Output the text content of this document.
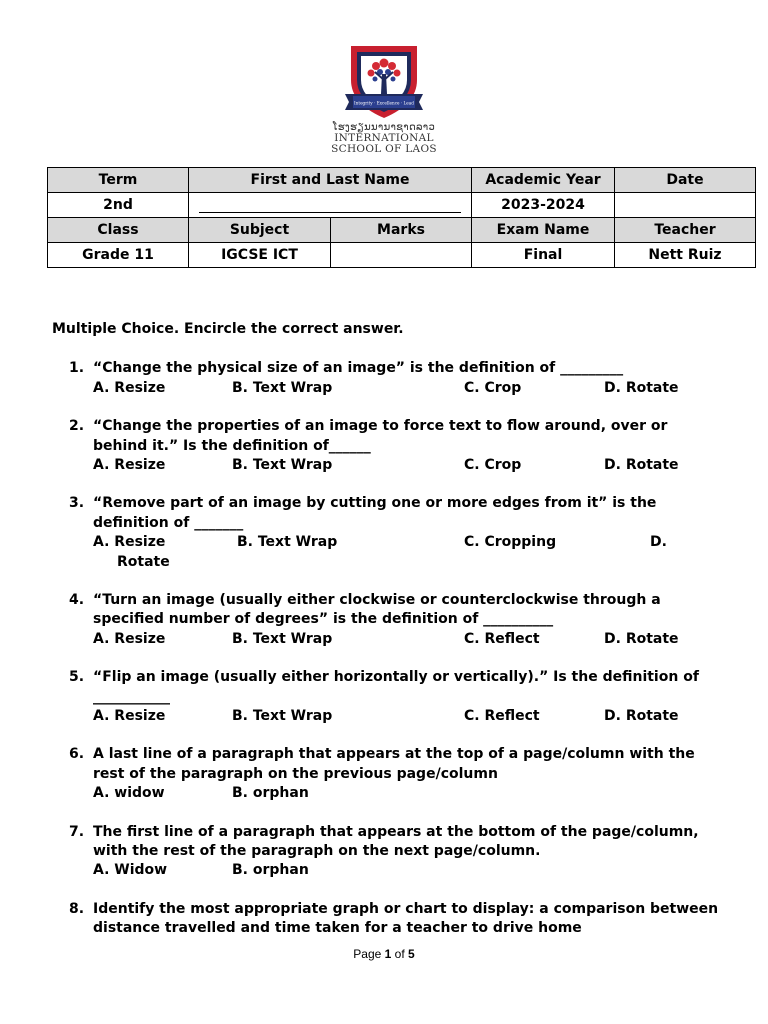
Integrity · Excellence · Lead
ໂຮງຮຽນນານາຊາດລາວ
INTERNATIONAL
SCHOOL OF LAOS
Term	First and Last Name		Academic Year	Date
2nd			2023-2024	
Class	Subject	Marks	Exam Name	Teacher
Grade 11	IGCSE ICT		Final	Nett Ruiz
Multiple Choice. Encircle the correct answer.
1. “Change the physical size of an image” is the definition of _________
A. Resize	B. Text Wrap	C. Crop	D. Rotate
2. “Change the properties of an image to force text to flow around, over or behind it.” Is the definition of______
A. Resize	B. Text Wrap	C. Crop	D. Rotate
3. “Remove part of an image by cutting one or more edges from it” is the definition of _______
A. Resize	B. Text Wrap	C. Cropping	D.
Rotate
4. “Turn an image (usually either clockwise or counterclockwise through a specified number of degrees” is the definition of __________
A. Resize	B. Text Wrap	C. Reflect	D. Rotate
5. “Flip an image (usually either horizontally or vertically).” Is the definition of ___________
A. Resize	B. Text Wrap	C. Reflect	D. Rotate
6. A last line of a paragraph that appears at the top of a page/column with the rest of the paragraph on the previous page/column
A. widow	B. orphan
7. The first line of a paragraph that appears at the bottom of the page/column, with the rest of the paragraph on the next page/column.
A. Widow	B. orphan
8. Identify the most appropriate graph or chart to display: a comparison between distance travelled and time taken for a teacher to drive home
Page 1 of 5
